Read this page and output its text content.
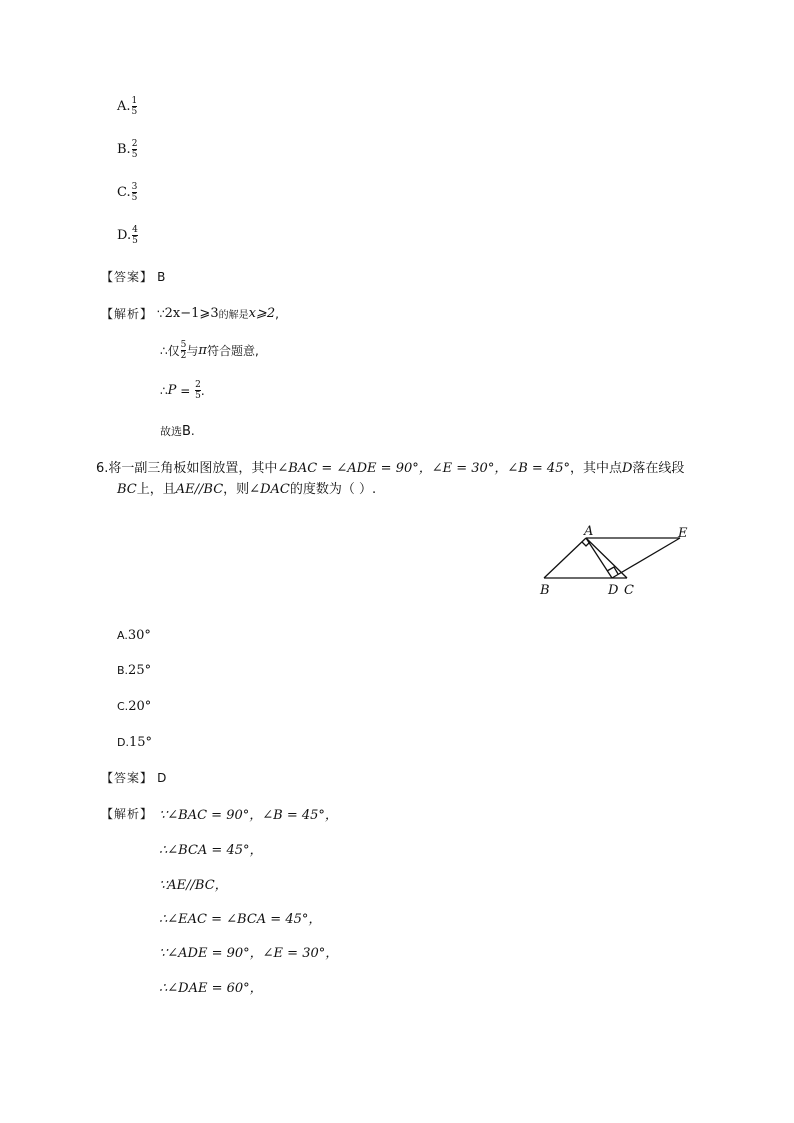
A. $\frac{1}{5}$
B. $\frac{2}{5}$
C. $\frac{3}{5}$
D. $\frac{4}{5}$
【答案】 B
【解析】 ∵ 2x−1⩾3 的解是 x⩾2 ,
∴仅 $\frac{5}{2}$ 与 π 符合题意,
∴ $P = \frac{2}{5}$ .
故选 B .
6.将一副三角板如图放置，其中∠BAC = ∠ADE = 90°，∠E = 30°，∠B = 45°，其中点D落在线段
BC上，且AE//BC，则∠DAC的度数为（ ）.
A	E
B	D C
A.30°
B.25°
C.20°
D.15°
【答案】 D
【解析】 ∵∠BAC = 90°，∠B = 45°，
∴∠BCA = 45°，
∵AE//BC，
∴∠EAC = ∠BCA = 45°，
∵∠ADE = 90°，∠E = 30°，
∴∠DAE = 60°，
